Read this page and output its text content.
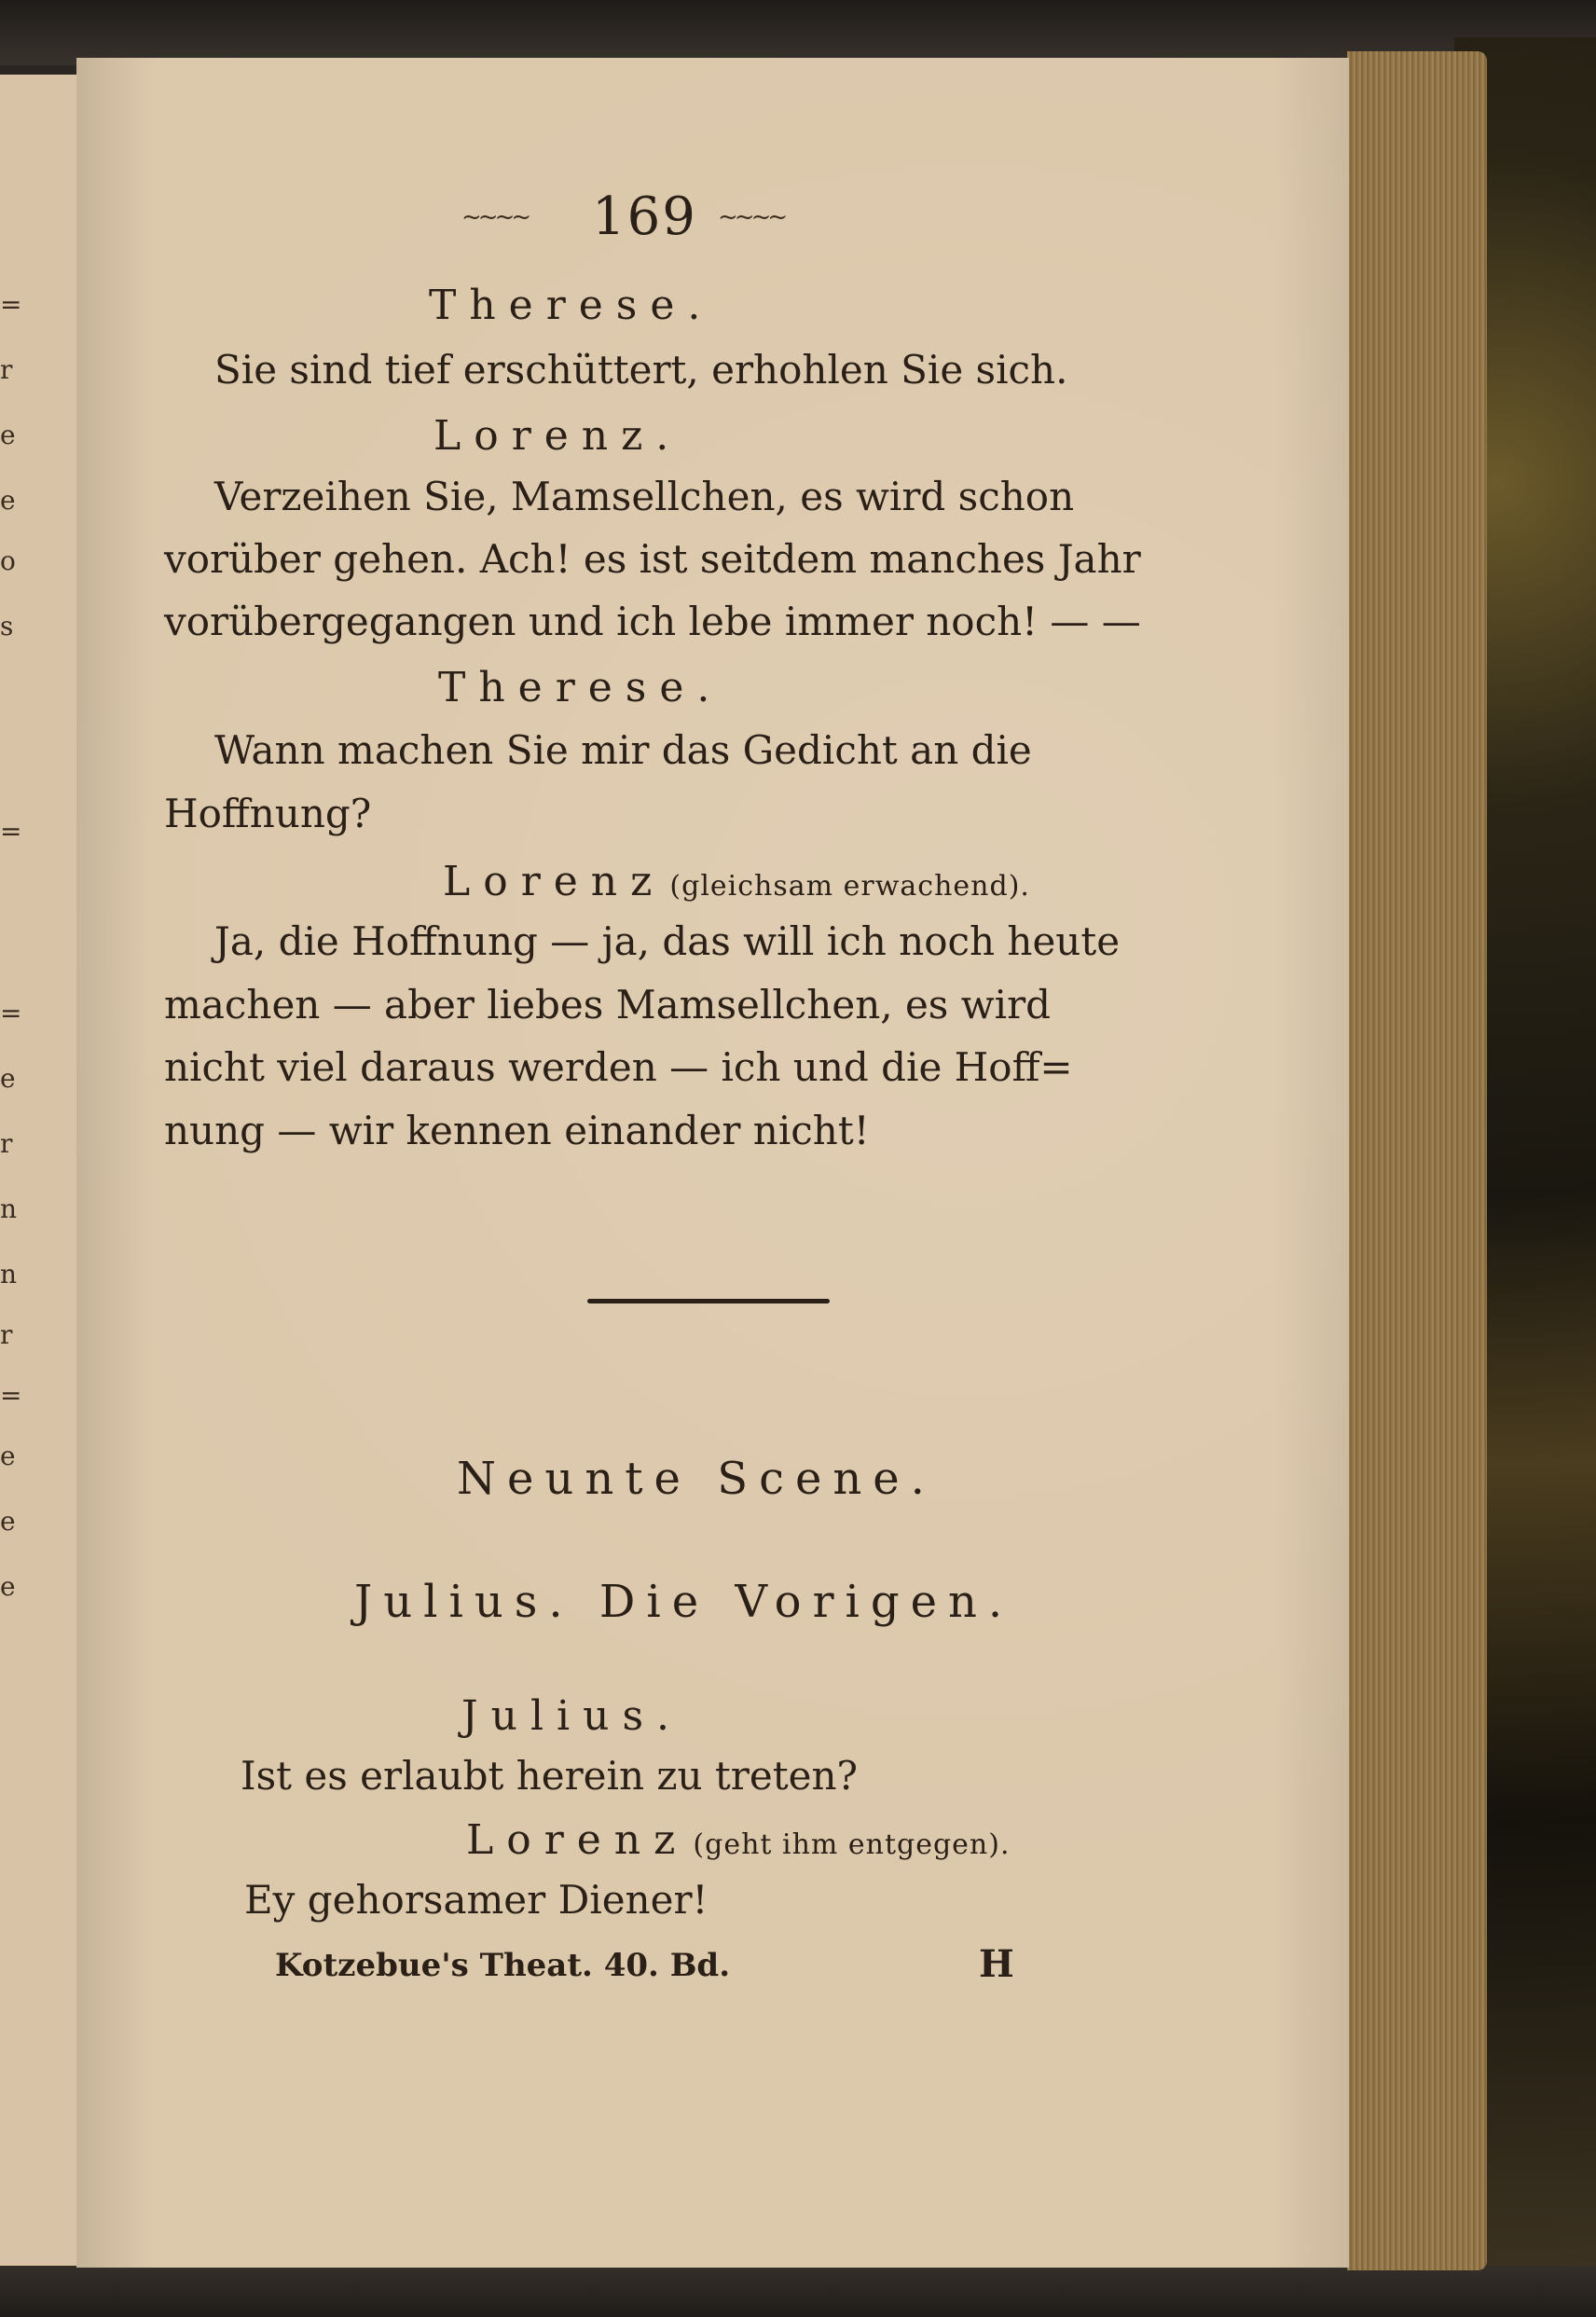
=
r
e
e
o
s
=
=
e
r
n
n
r
=
e
e
e
~~~~ 169 ~~~~
Therese.
Sie sind tief erschüttert, erhohlen Sie sich.
Lorenz.
Verzeihen Sie, Mamsellchen, es wird schon
vorüber gehen. Ach! es ist seitdem manches Jahr
vorübergegangen und ich lebe immer noch! — —
Therese.
Wann machen Sie mir das Gedicht an die
Hoffnung?
Lorenz (gleichsam erwachend).
Ja, die Hoffnung — ja, das will ich noch heute
machen — aber liebes Mamsellchen, es wird
nicht viel daraus werden — ich und die Hoff=
nung — wir kennen einander nicht!
Neunte Scene.
Julius. Die Vorigen.
Julius.
Ist es erlaubt herein zu treten?
Lorenz (geht ihm entgegen).
Ey gehorsamer Diener!
Kotzebue's Theat. 40. Bd.	H
